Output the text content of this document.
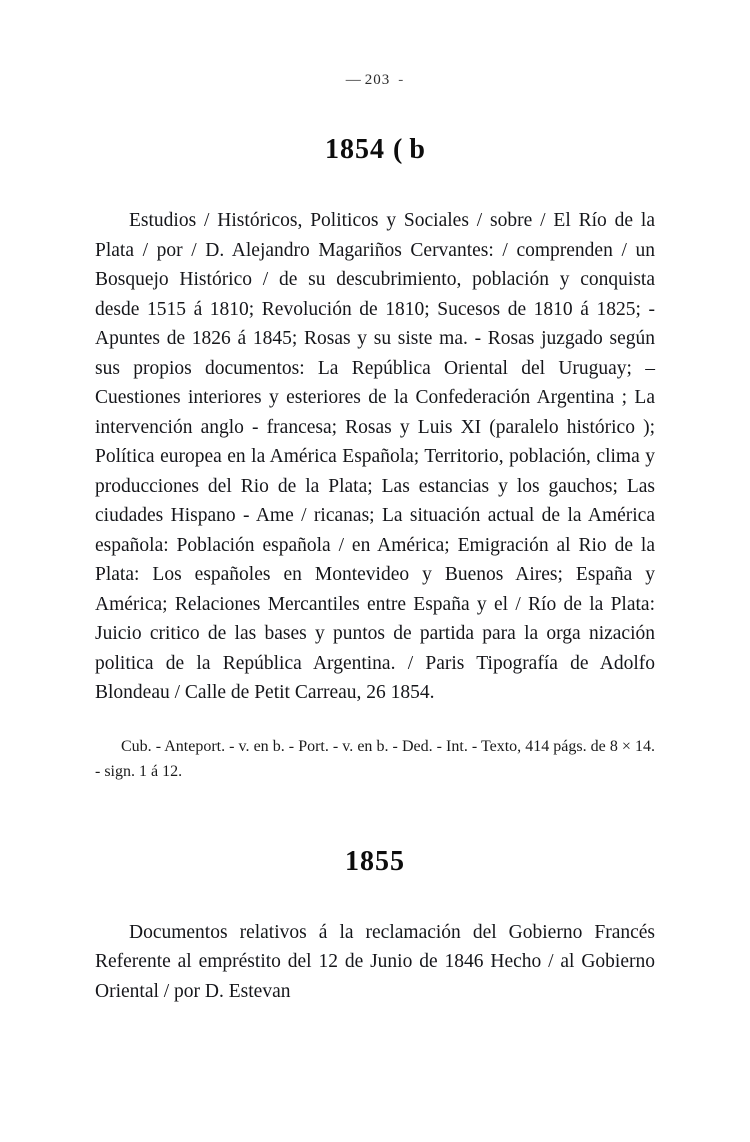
— 203 -
1854 ( b

Estudios / Históricos, Politicos y Sociales / sobre / El Río de la Plata / por / D. Alejandro Magariños Cervantes: / comprenden / un Bosquejo Histórico / de su descubrimiento, población y conquista desde 1515 á 1810; Revolución de 1810; Sucesos de 1810 á 1825; - Apuntes de 1826 á 1845; Rosas y su siste ma. - Rosas juzgado según sus propios documentos: La República Oriental del Uruguay; – Cuestiones interiores y esteriores de la Confederación Argentina ; La intervención anglo - francesa; Rosas y Luis XI (paralelo histórico ); Política europea en la América Española; Territorio, población, clima y producciones del Rio de la Plata; Las estancias y los gauchos; Las ciudades Hispano - Ame / ricanas; La situación actual de la América española: Población española / en América; Emigración al Rio de la Plata: Los españoles en Montevideo y Buenos Aires; España y América; Relaciones Mercantiles entre España y el / Río de la Plata: Juicio critico de las bases y puntos de partida para la orga nización politica de la República Argentina. / Paris Tipografía de Adolfo Blondeau / Calle de Petit Carreau, 26 1854.

Cub. - Anteport. - v. en b. - Port. - v. en b. - Ded. - Int. - Texto, 414 págs. de 8 × 14. - sign. 1 á 12.

1855

Documentos relativos á la reclamación del Gobierno Francés Referente al empréstito del 12 de Junio de 1846 Hecho / al Gobierno Oriental / por D. Estevan
